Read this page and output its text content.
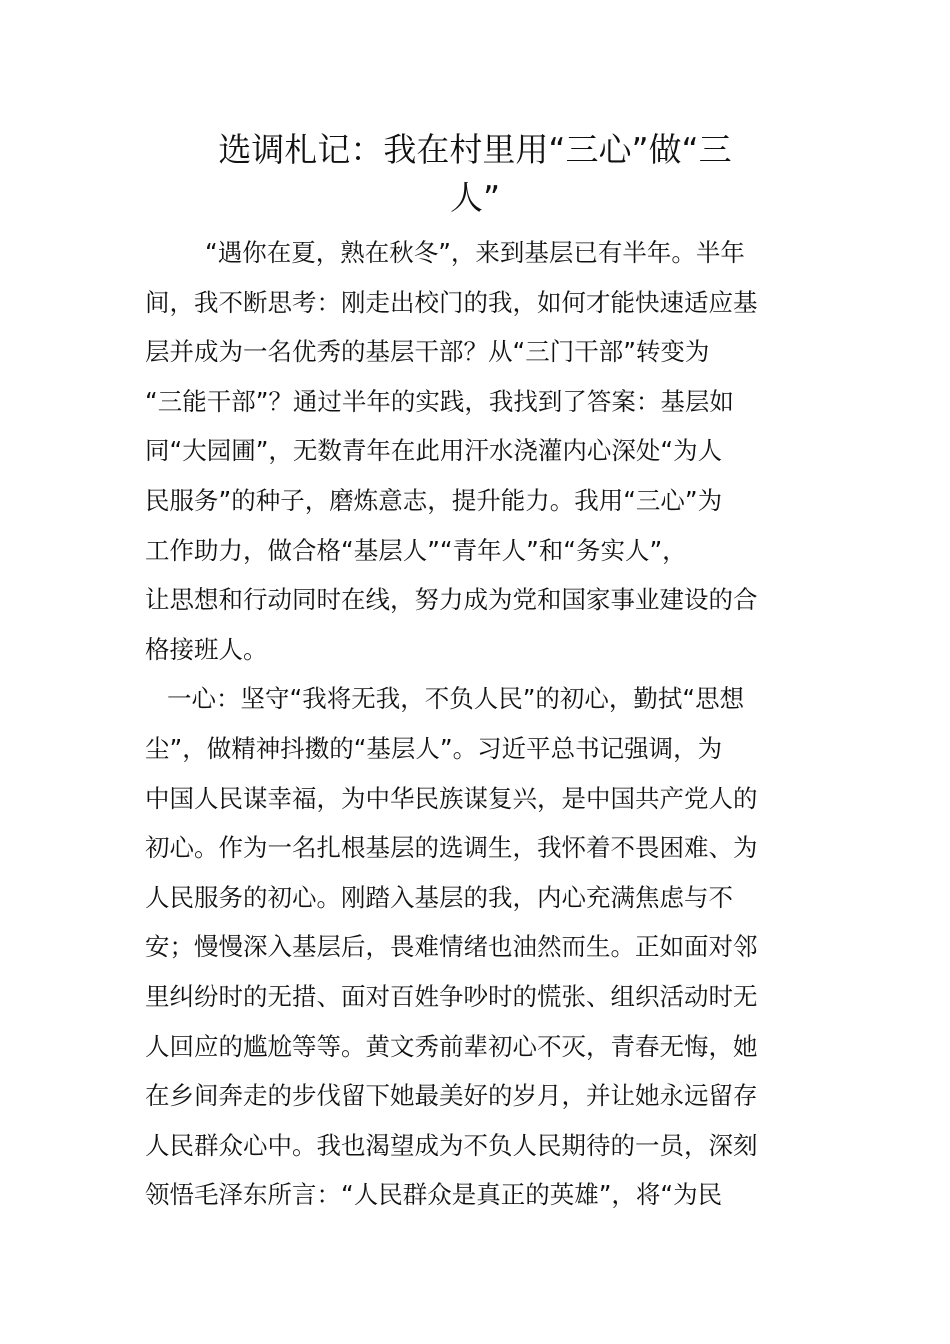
选调札记：我在村里用“三心”做“三
人”
“遇你在夏，熟在秋冬”，来到基层已有半年。半年
间，我不断思考：刚走出校门的我，如何才能快速适应基
层并成为一名优秀的基层干部？从“三门干部”转变为
“三能干部”？通过半年的实践，我找到了答案：基层如
同“大园圃”，无数青年在此用汗水浇灌内心深处“为人
民服务”的种子，磨炼意志，提升能力。我用“三心”为
工作助力，做合格“基层人”“青年人”和“务实人”，
让思想和行动同时在线，努力成为党和国家事业建设的合
格接班人。
一心：坚守“我将无我，不负人民”的初心，勤拭“思想
尘”，做精神抖擞的“基层人”。习近平总书记强调，为
中国人民谋幸福，为中华民族谋复兴，是中国共产党人的
初心。作为一名扎根基层的选调生，我怀着不畏困难、为
人民服务的初心。刚踏入基层的我，内心充满焦虑与不
安；慢慢深入基层后，畏难情绪也油然而生。正如面对邻
里纠纷时的无措、面对百姓争吵时的慌张、组织活动时无
人回应的尴尬等等。黄文秀前辈初心不灭，青春无悔，她
在乡间奔走的步伐留下她最美好的岁月，并让她永远留存
人民群众心中。我也渴望成为不负人民期待的一员，深刻
领悟毛泽东所言：“人民群众是真正的英雄”，将“为民
